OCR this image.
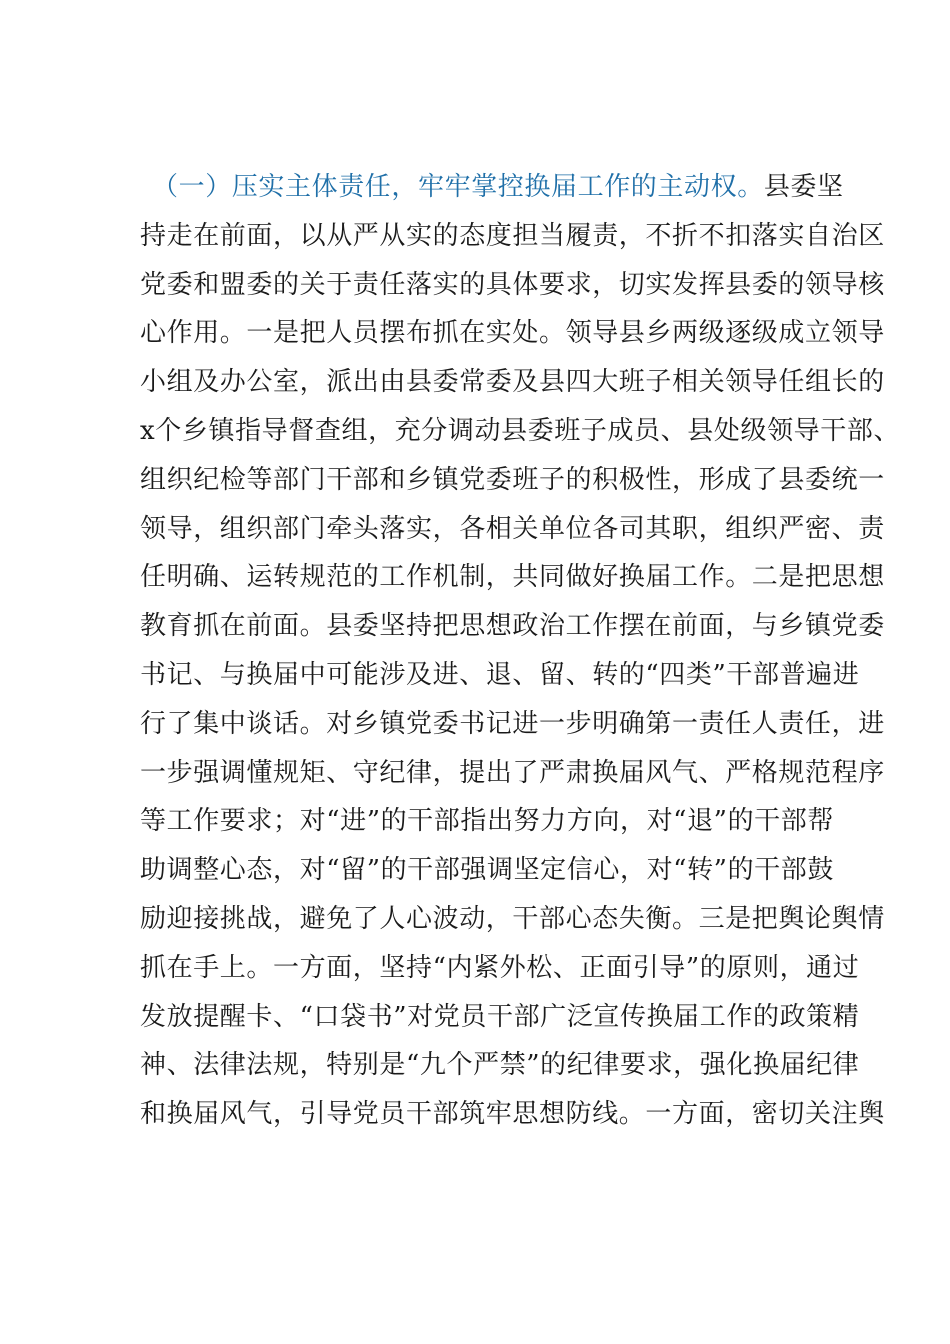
（一）压实主体责任，牢牢掌控换届工作的主动权。县委坚
持走在前面，以从严从实的态度担当履责，不折不扣落实自治区
党委和盟委的关于责任落实的具体要求，切实发挥县委的领导核
心作用。一是把人员摆布抓在实处。领导县乡两级逐级成立领导
小组及办公室，派出由县委常委及县四大班子相关领导任组长的
x个乡镇指导督查组，充分调动县委班子成员、县处级领导干部、
组织纪检等部门干部和乡镇党委班子的积极性，形成了县委统一
领导，组织部门牵头落实，各相关单位各司其职，组织严密、责
任明确、运转规范的工作机制，共同做好换届工作。二是把思想
教育抓在前面。县委坚持把思想政治工作摆在前面，与乡镇党委
书记、与换届中可能涉及进、退、留、转的“四类”干部普遍进
行了集中谈话。对乡镇党委书记进一步明确第一责任人责任，进
一步强调懂规矩、守纪律，提出了严肃换届风气、严格规范程序
等工作要求；对“进”的干部指出努力方向，对“退”的干部帮
助调整心态，对“留”的干部强调坚定信心，对“转”的干部鼓
励迎接挑战，避免了人心波动，干部心态失衡。三是把舆论舆情
抓在手上。一方面，坚持“内紧外松、正面引导”的原则，通过
发放提醒卡、“口袋书”对党员干部广泛宣传换届工作的政策精
神、法律法规，特别是“九个严禁”的纪律要求，强化换届纪律
和换届风气，引导党员干部筑牢思想防线。一方面，密切关注舆
